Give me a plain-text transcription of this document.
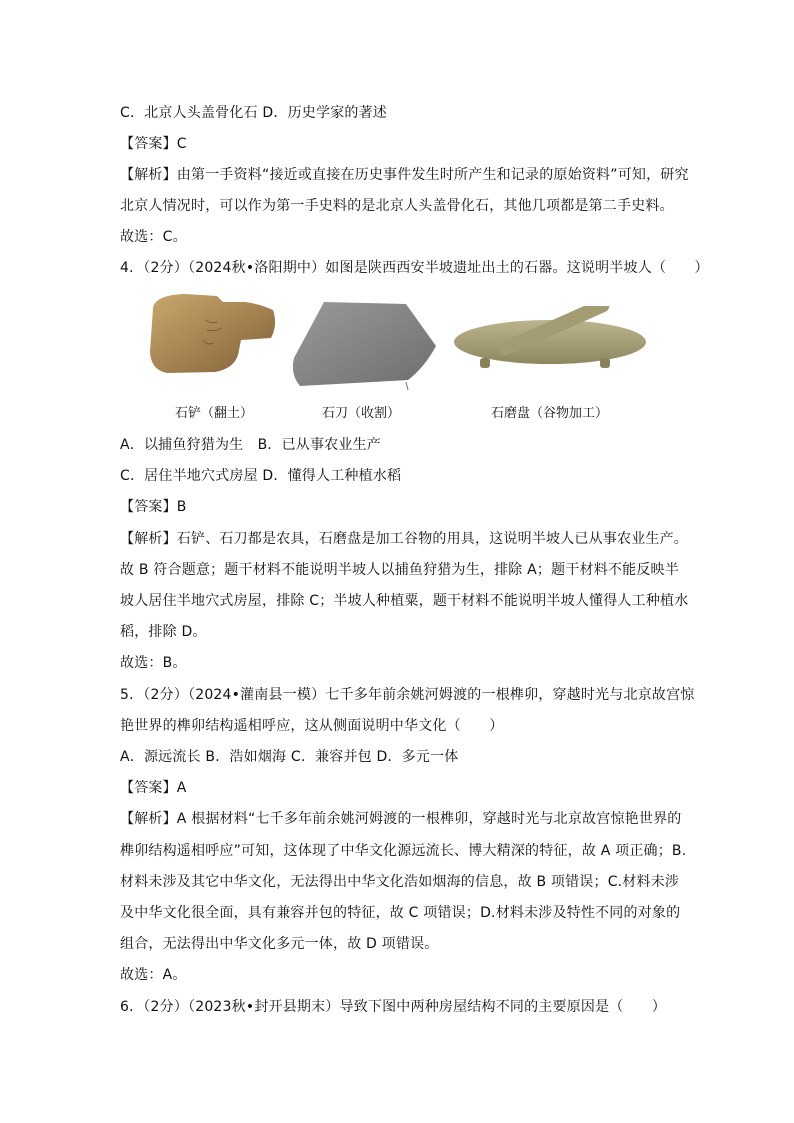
C．北京人头盖骨化石 D．历史学家的著述
【答案】C
【解析】由第一手资料“接近或直接在历史事件发生时所产生和记录的原始资料”可知，研究
北京人情况时，可以作为第一手史料的是北京人头盖骨化石，其他几项都是第二手史料。
故选：C。
4．（2分）（2024秋•洛阳期中）如图是陕西西安半坡遗址出土的石器。这说明半坡人（　　）
石铲（翻土）	石刀（收割）	石磨盘（谷物加工）
A．以捕鱼狩猎为生　B．已从事农业生产
C．居住半地穴式房屋 D．懂得人工种植水稻
【答案】B
【解析】石铲、石刀都是农具，石磨盘是加工谷物的用具，这说明半坡人已从事农业生产。
故 B 符合题意；题干材料不能说明半坡人以捕鱼狩猎为生，排除 A；题干材料不能反映半
坡人居住半地穴式房屋，排除 C；半坡人种植粟，题干材料不能说明半坡人懂得人工种植水
稻，排除 D。
故选：B。
5．（2分）（2024•灌南县一模）七千多年前余姚河姆渡的一根榫卯，穿越时光与北京故宫惊
艳世界的榫卯结构遥相呼应，这从侧面说明中华文化（　　）
A．源远流长 B．浩如烟海 C．兼容并包 D．多元一体
【答案】A
【解析】A 根据材料“七千多年前余姚河姆渡的一根榫卯，穿越时光与北京故宫惊艳世界的
榫卯结构遥相呼应”可知，这体现了中华文化源远流长、博大精深的特征，故 A 项正确；B.
材料未涉及其它中华文化，无法得出中华文化浩如烟海的信息，故 B 项错误；C.材料未涉
及中华文化很全面，具有兼容并包的特征，故 C 项错误；D.材料未涉及特性不同的对象的
组合，无法得出中华文化多元一体，故 D 项错误。
故选：A。
6．（2分）（2023秋•封开县期末）导致下图中两种房屋结构不同的主要原因是（　　）
